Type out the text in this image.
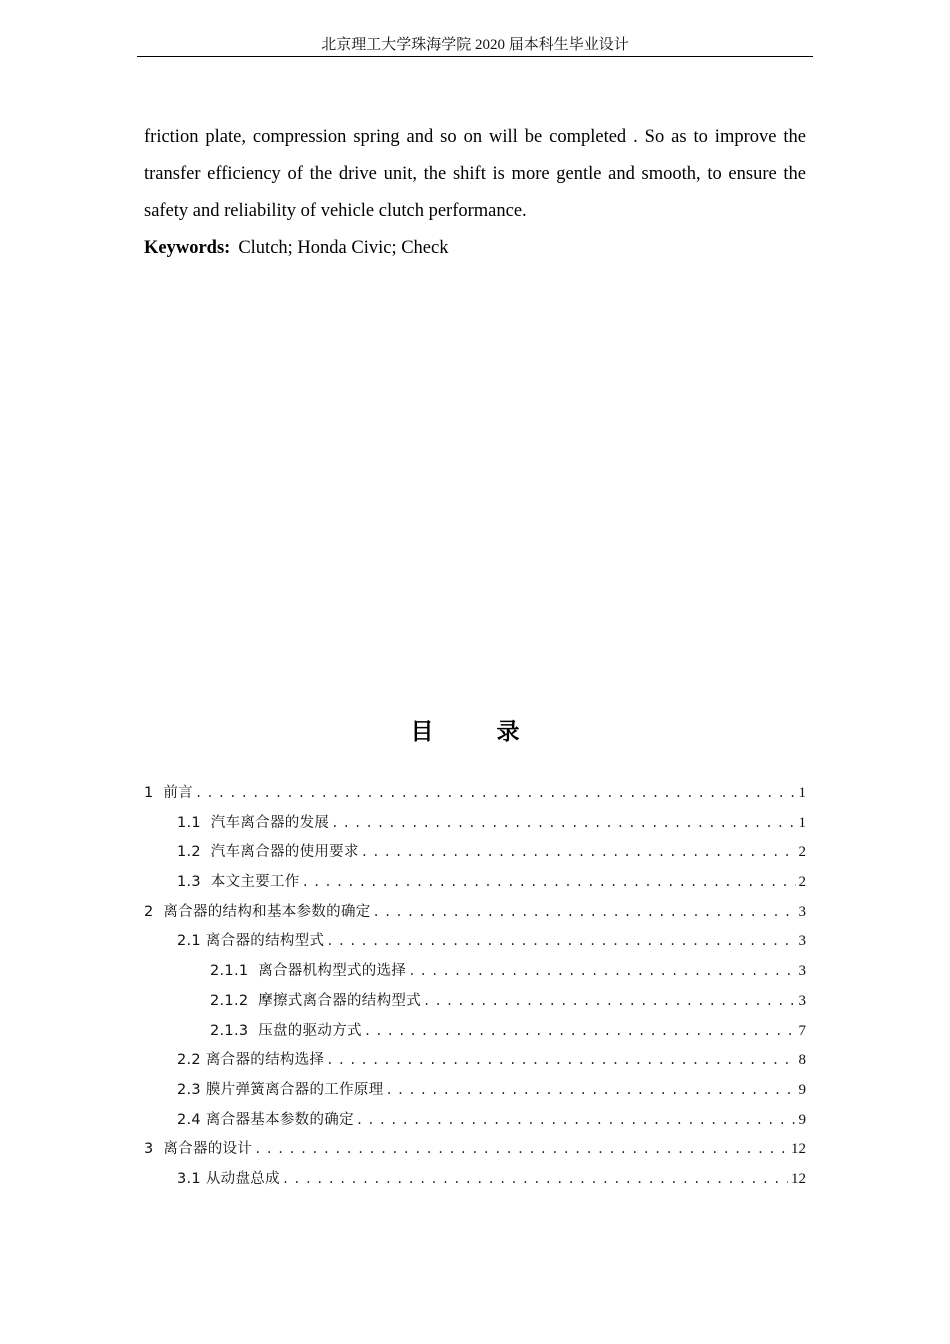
北京理工大学珠海学院 2020 届本科生毕业设计

friction plate, compression spring and so on will be completed . So as to improve the transfer efficiency of the drive unit, the shift is more gentle and smooth, to ensure the safety and reliability of vehicle clutch performance.

Keywords: Clutch; Honda Civic; Check
目　录
1  前言 .....	1
1.1  汽车离合器的发展 .....	1
1.2  汽车离合器的使用要求 .....	2
1.3  本文主要工作 .....	2
2  离合器的结构和基本参数的确定 .....	3
2.1 离合器的结构型式 .....	3
2.1.1  离合器机构型式的选择 .....	3
2.1.2  摩擦式离合器的结构型式 .....	3
2.1.3  压盘的驱动方式 .....	7
2.2 离合器的结构选择 .....	8
2.3 膜片弹簧离合器的工作原理 .....	9
2.4 离合器基本参数的确定 .....	9
3  离合器的设计 .....	12
3.1 从动盘总成 .....	12
